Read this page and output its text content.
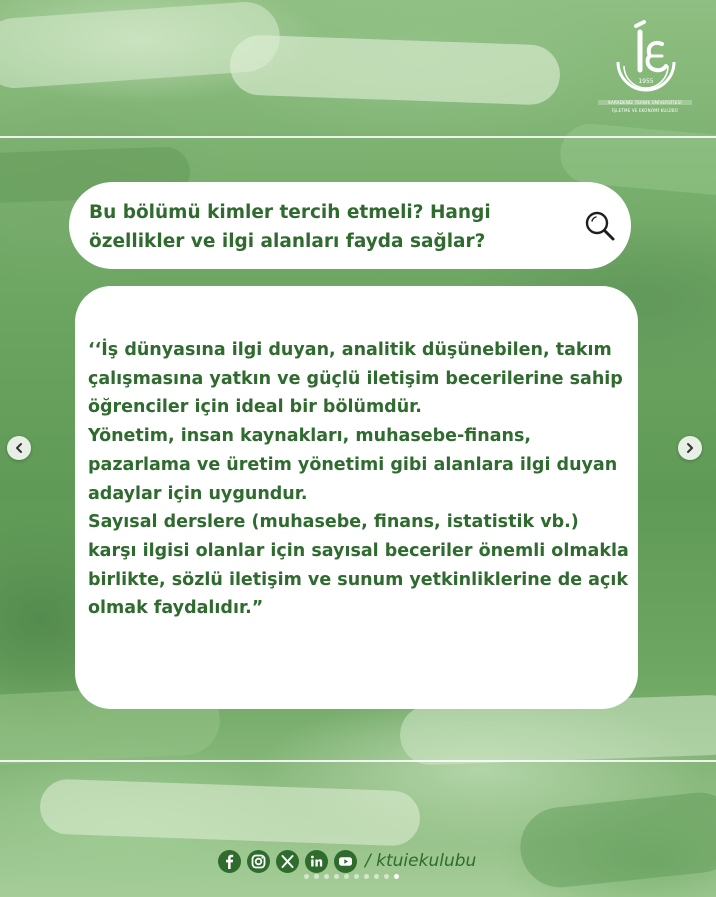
1955
KARADENİZ TEKNİK ÜNİVERSİTESİ
İŞLETME VE EKONOMİ KULÜBÜ

Bu bölümü kimler tercih etmeli? Hangi özellikler ve ilgi alanları fayda sağlar?

‘‘İş dünyasına ilgi duyan, analitik düşünebilen, takım çalışmasına yatkın ve güçlü iletişim becerilerine sahip öğrenciler için ideal bir bölümdür.
Yönetim, insan kaynakları, muhasebe-finans, pazarlama ve üretim yönetimi gibi alanlara ilgi duyan adaylar için uygundur.
Sayısal derslere (muhasebe, finans, istatistik vb.) karşı ilgisi olanlar için sayısal beceriler önemli olmakla birlikte, sözlü iletişim ve sunum yetkinliklerine de açık olmak faydalıdır.”

/ ktuiekulubu
